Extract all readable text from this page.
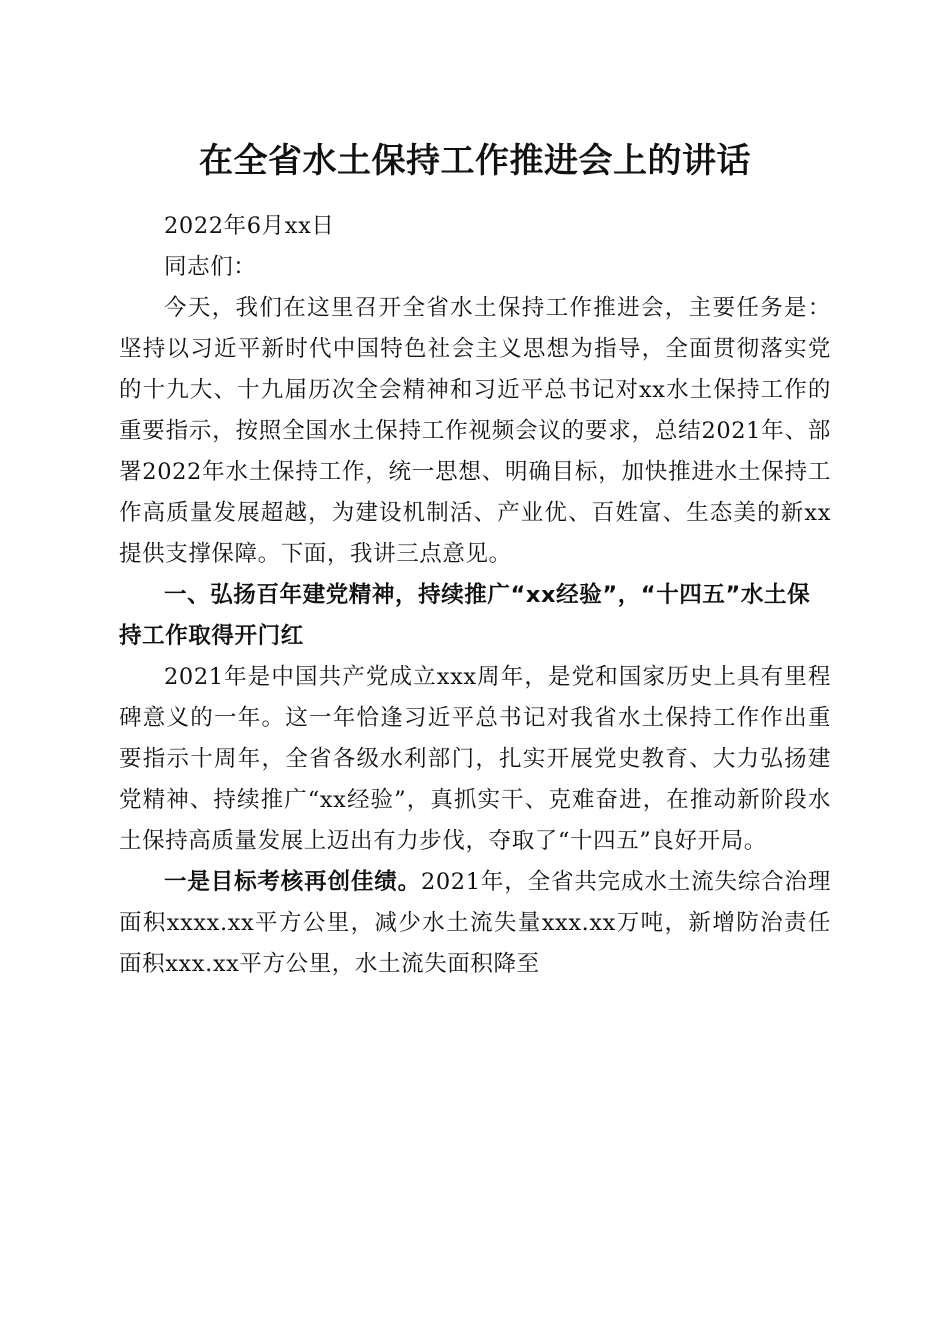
在全省水土保持工作推进会上的讲话

2022年6月xx日

同志们：

今天，我们在这里召开全省水土保持工作推进会，主要任务是：坚持以习近平新时代中国特色社会主义思想为指导，全面贯彻落实党的十九大、十九届历次全会精神和习近平总书记对xx水土保持工作的重要指示，按照全国水土保持工作视频会议的要求，总结2021年、部署2022年水土保持工作，统一思想、明确目标，加快推进水土保持工作高质量发展超越，为建设机制活、产业优、百姓富、生态美的新xx提供支撑保障。下面，我讲三点意见。

一、弘扬百年建党精神，持续推广“xx经验”，“十四五”水土保持工作取得开门红

2021年是中国共产党成立xxx周年，是党和国家历史上具有里程碑意义的一年。这一年恰逢习近平总书记对我省水土保持工作作出重要指示十周年，全省各级水利部门，扎实开展党史教育、大力弘扬建党精神、持续推广“xx经验”，真抓实干、克难奋进，在推动新阶段水土保持高质量发展上迈出有力步伐，夺取了“十四五”良好开局。

一是目标考核再创佳绩。2021年，全省共完成水土流失综合治理面积xxxx.xx平方公里，减少水土流失量xxx.xx万吨，新增防治责任面积xxx.xx平方公里，水土流失面积降至
